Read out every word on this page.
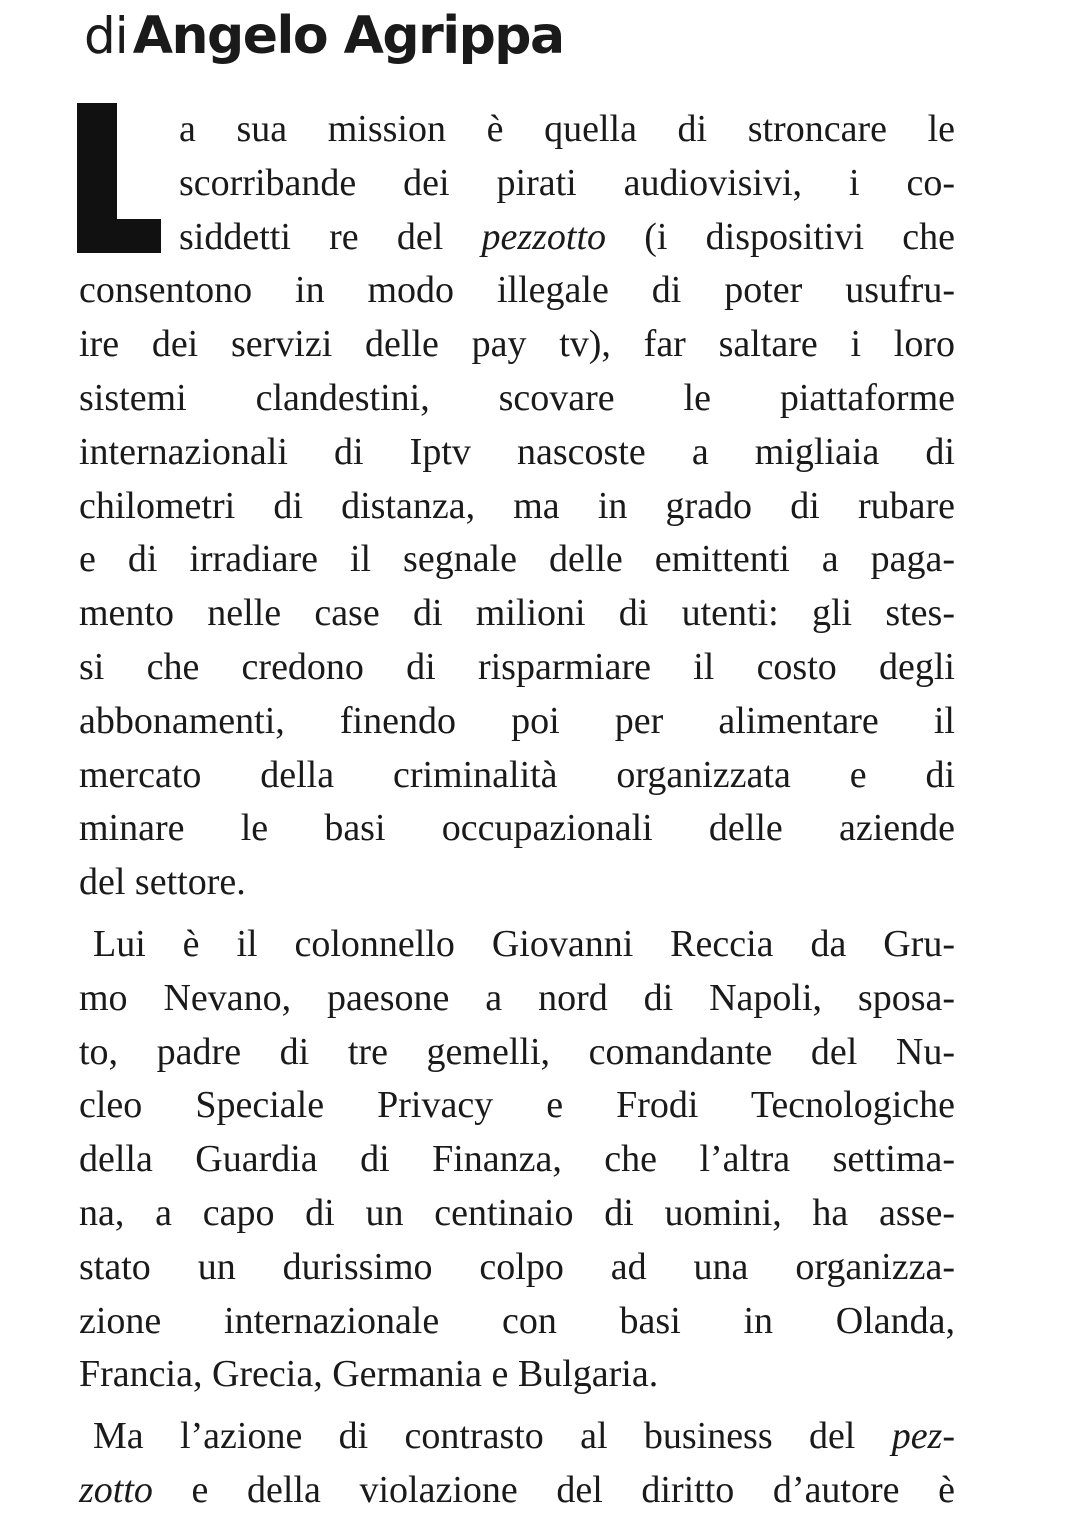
di Angelo Agrippa
a sua mission è quella di stroncare le
scorribande dei pirati audiovisivi, i co-
siddetti re del pezzotto (i dispositivi che
consentono in modo illegale di poter usufru-
ire dei servizi delle pay tv), far saltare i loro
sistemi clandestini, scovare le piattaforme
internazionali di Iptv nascoste a migliaia di
chilometri di distanza, ma in grado di rubare
e di irradiare il segnale delle emittenti a paga-
mento nelle case di milioni di utenti: gli stes-
si che credono di risparmiare il costo degli
abbonamenti, finendo poi per alimentare il
mercato della criminalità organizzata e di
minare le basi occupazionali delle aziende
del settore.
Lui è il colonnello Giovanni Reccia da Gru-
mo Nevano, paesone a nord di Napoli, sposa-
to, padre di tre gemelli, comandante del Nu-
cleo Speciale Privacy e Frodi Tecnologiche
della Guardia di Finanza, che l’altra settima-
na, a capo di un centinaio di uomini, ha asse-
stato un durissimo colpo ad una organizza-
zione internazionale con basi in Olanda,
Francia, Grecia, Germania e Bulgaria.
Ma l’azione di contrasto al business del pez-
zotto e della violazione del diritto d’autore è
